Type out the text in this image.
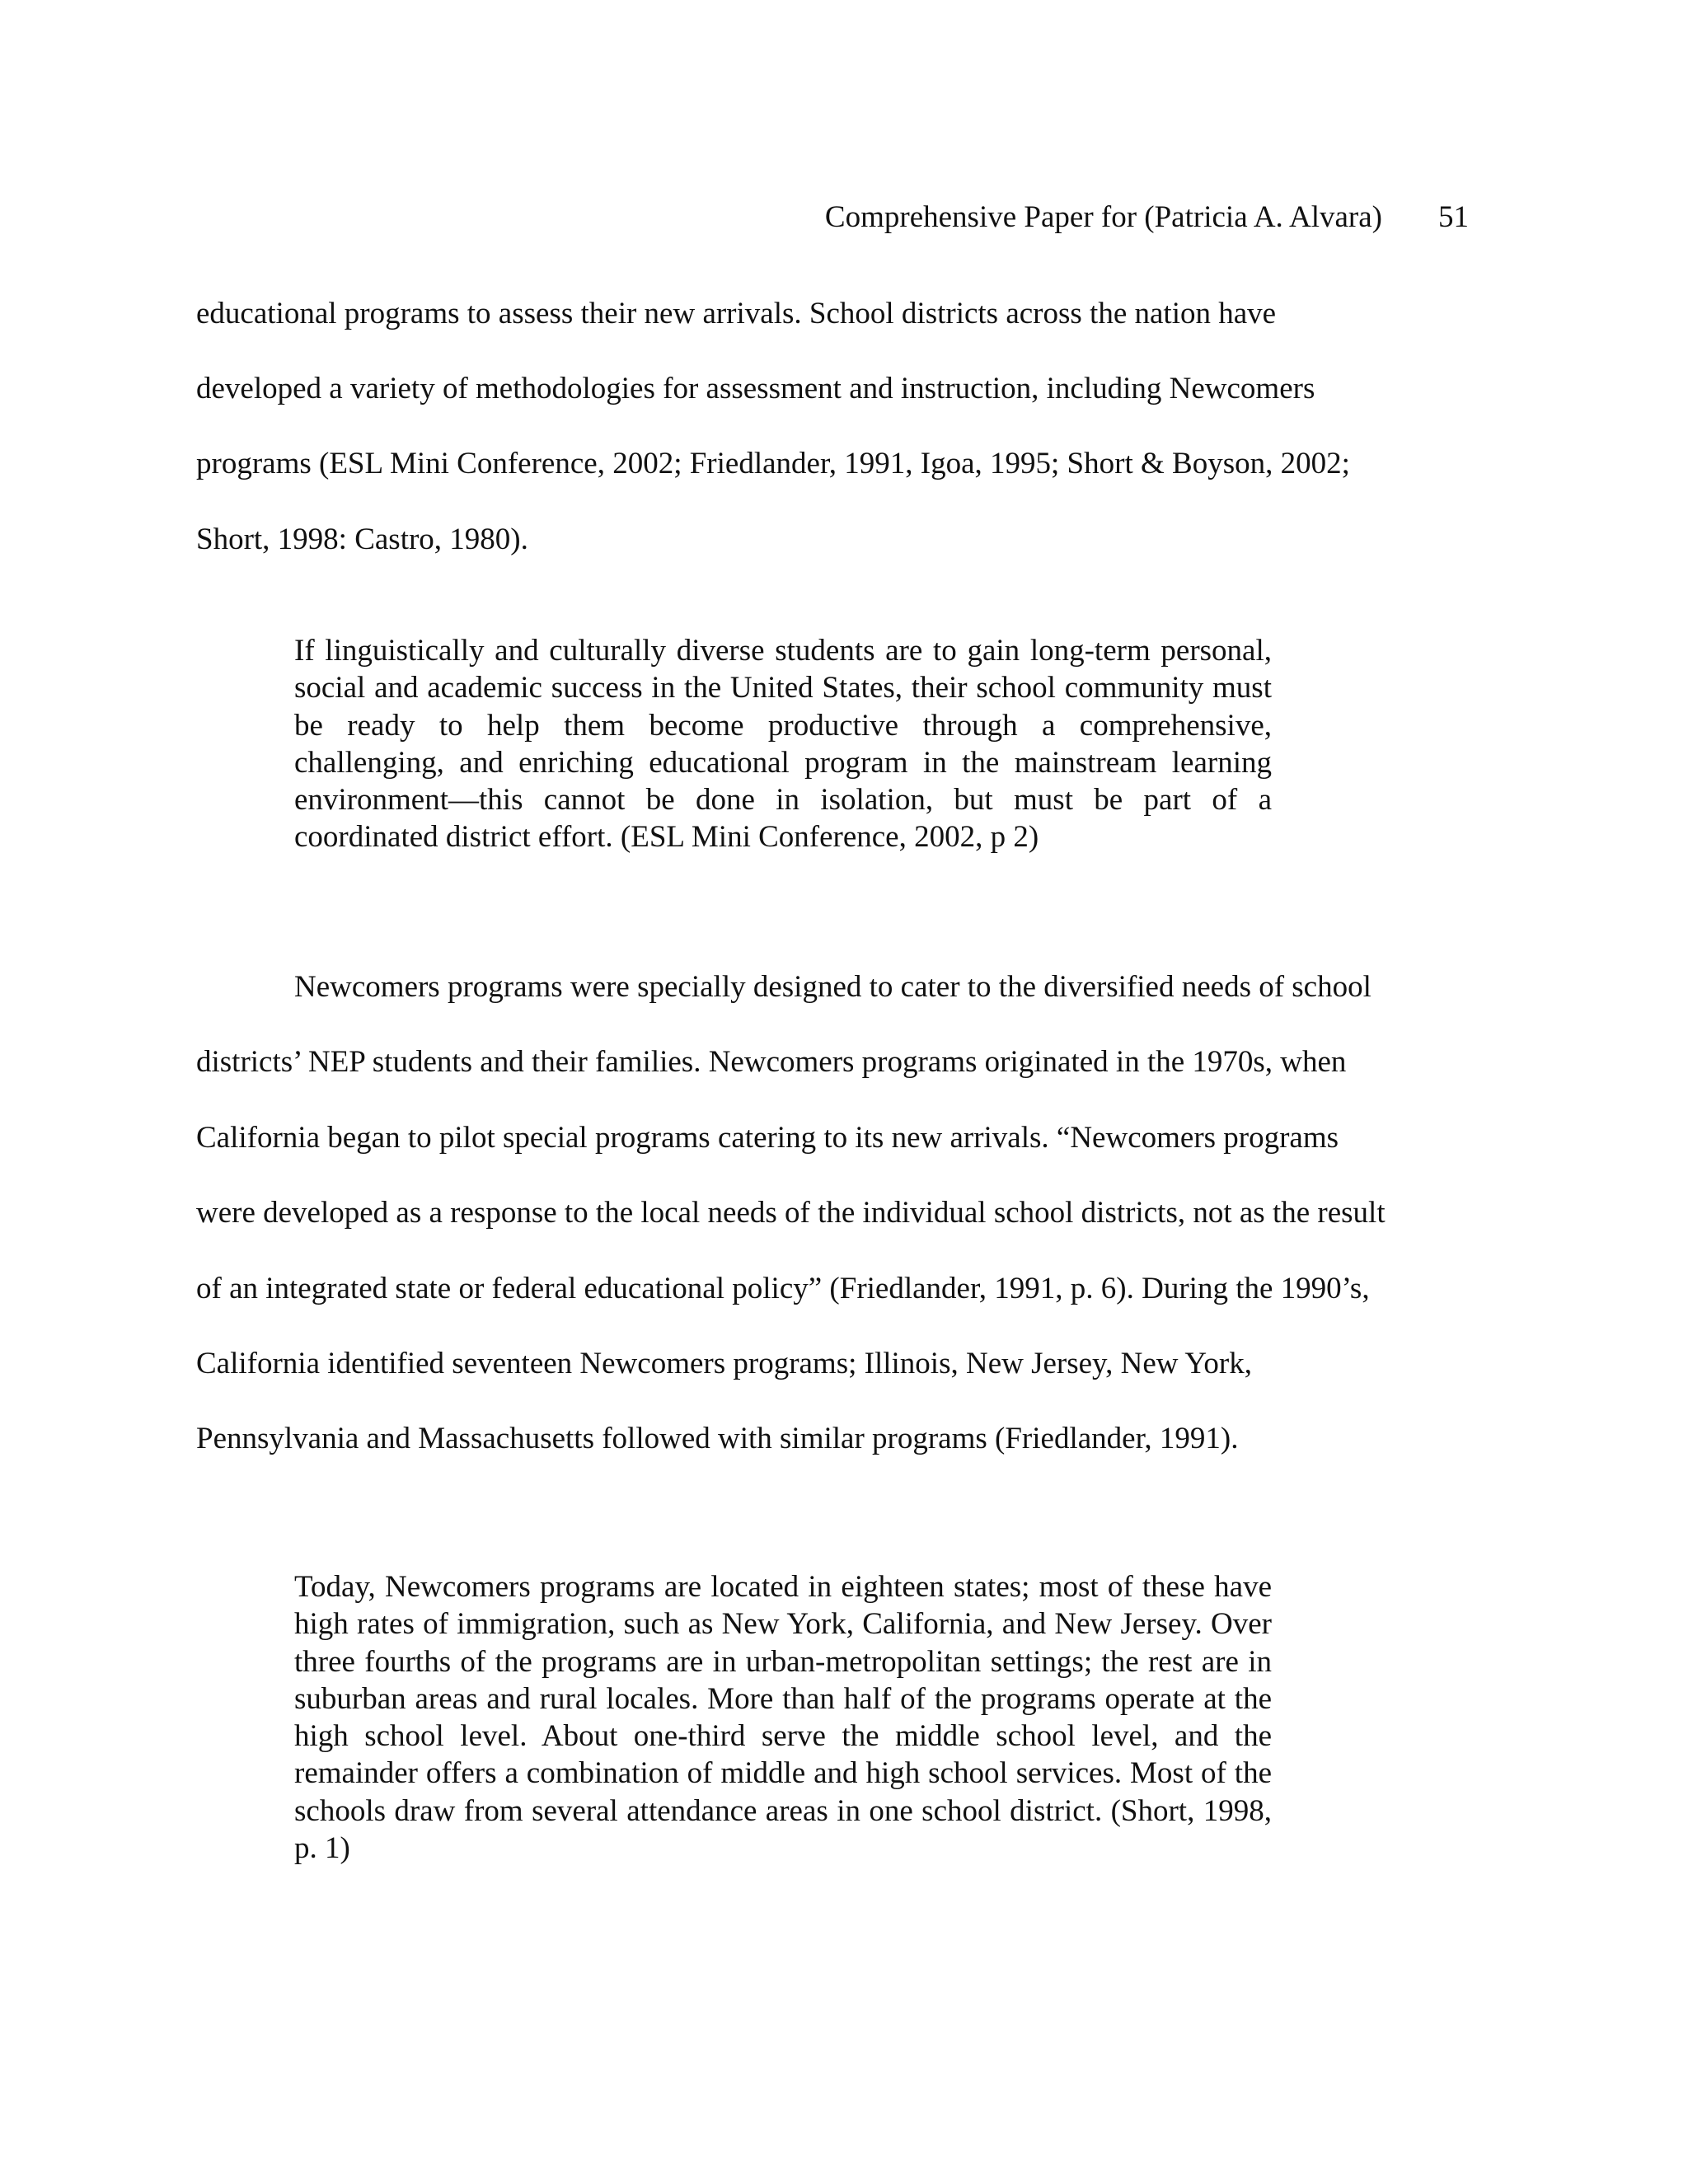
Comprehensive Paper for (Patricia A. Alvara) 51
educational programs to assess their new arrivals. School districts across the nation have
developed a variety of methodologies for assessment and instruction, including Newcomers
programs (ESL Mini Conference, 2002; Friedlander, 1991, Igoa, 1995; Short & Boyson, 2002;
Short, 1998: Castro, 1980).
If linguistically and culturally diverse students are to gain long-term personal, social and academic success in the United States, their school community must be ready to help them become productive through a comprehensive, challenging, and enriching educational program in the mainstream learning environment—this cannot be done in isolation, but must be part of a coordinated district effort. (ESL Mini Conference, 2002, p 2)
Newcomers programs were specially designed to cater to the diversified needs of school
districts’ NEP students and their families. Newcomers programs originated in the 1970s, when
California began to pilot special programs catering to its new arrivals. “Newcomers programs
were developed as a response to the local needs of the individual school districts, not as the result
of an integrated state or federal educational policy” (Friedlander, 1991, p. 6). During the 1990’s,
California identified seventeen Newcomers programs; Illinois, New Jersey, New York,
Pennsylvania and Massachusetts followed with similar programs (Friedlander, 1991).
Today, Newcomers programs are located in eighteen states; most of these have high rates of immigration, such as New York, California, and New Jersey. Over three fourths of the programs are in urban-metropolitan settings; the rest are in suburban areas and rural locales. More than half of the programs operate at the high school level. About one-third serve the middle school level, and the remainder offers a combination of middle and high school services. Most of the schools draw from several attendance areas in one school district. (Short, 1998, p. 1)
